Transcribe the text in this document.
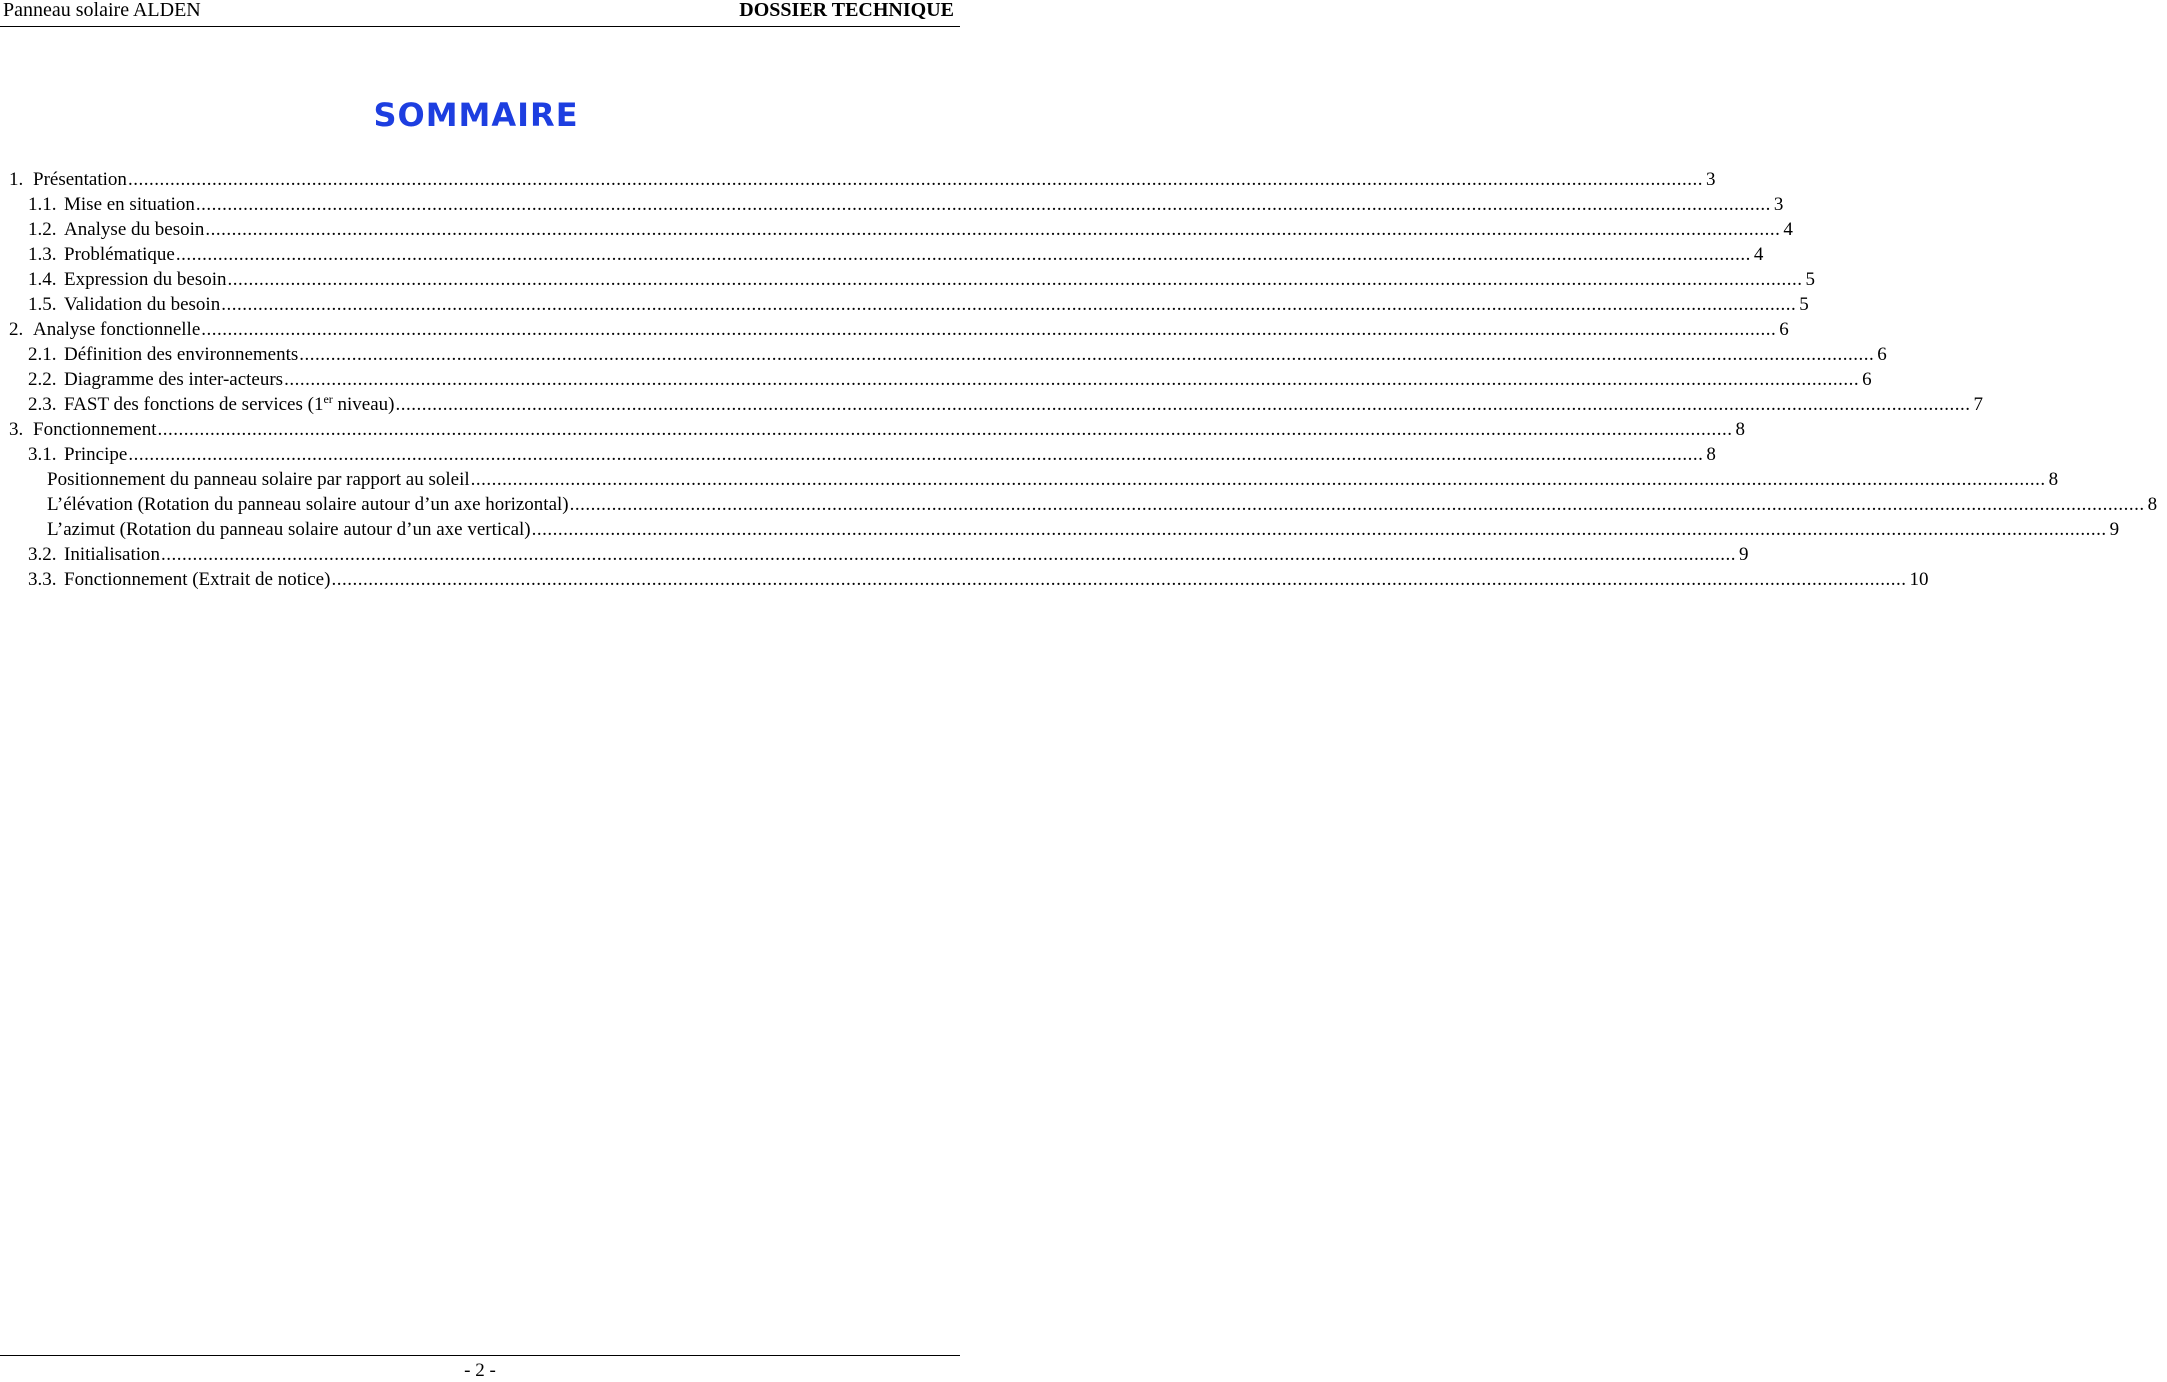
Panneau solaire ALDEN	DOSSIER TECHNIQUE
SOMMAIRE
1. Présentation ............................................................................................................................................................................................................................................................................................................ 3
1.1. Mise en situation ............................................................................................................................................................................................................................................................................................................ 3
1.2. Analyse du besoin ............................................................................................................................................................................................................................................................................................................ 4
1.3. Problématique ............................................................................................................................................................................................................................................................................................................ 4
1.4. Expression du besoin ............................................................................................................................................................................................................................................................................................................ 5
1.5. Validation du besoin ............................................................................................................................................................................................................................................................................................................ 5
2. Analyse fonctionnelle ............................................................................................................................................................................................................................................................................................................ 6
2.1. Définition des environnements ............................................................................................................................................................................................................................................................................................................ 6
2.2. Diagramme des inter-acteurs ............................................................................................................................................................................................................................................................................................................ 6
2.3. FAST des fonctions de services (1er niveau) ............................................................................................................................................................................................................................................................................................................ 7
3. Fonctionnement ............................................................................................................................................................................................................................................................................................................ 8
3.1. Principe ............................................................................................................................................................................................................................................................................................................ 8
Positionnement du panneau solaire par rapport au soleil ............................................................................................................................................................................................................................................................................................................ 8
L’élévation (Rotation du panneau solaire autour d’un axe horizontal) ............................................................................................................................................................................................................................................................................................................ 8
L’azimut (Rotation du panneau solaire autour d’un axe vertical) ............................................................................................................................................................................................................................................................................................................ 9
3.2. Initialisation ............................................................................................................................................................................................................................................................................................................ 9
3.3. Fonctionnement (Extrait de notice) ............................................................................................................................................................................................................................................................................................................ 10
- 2 -
